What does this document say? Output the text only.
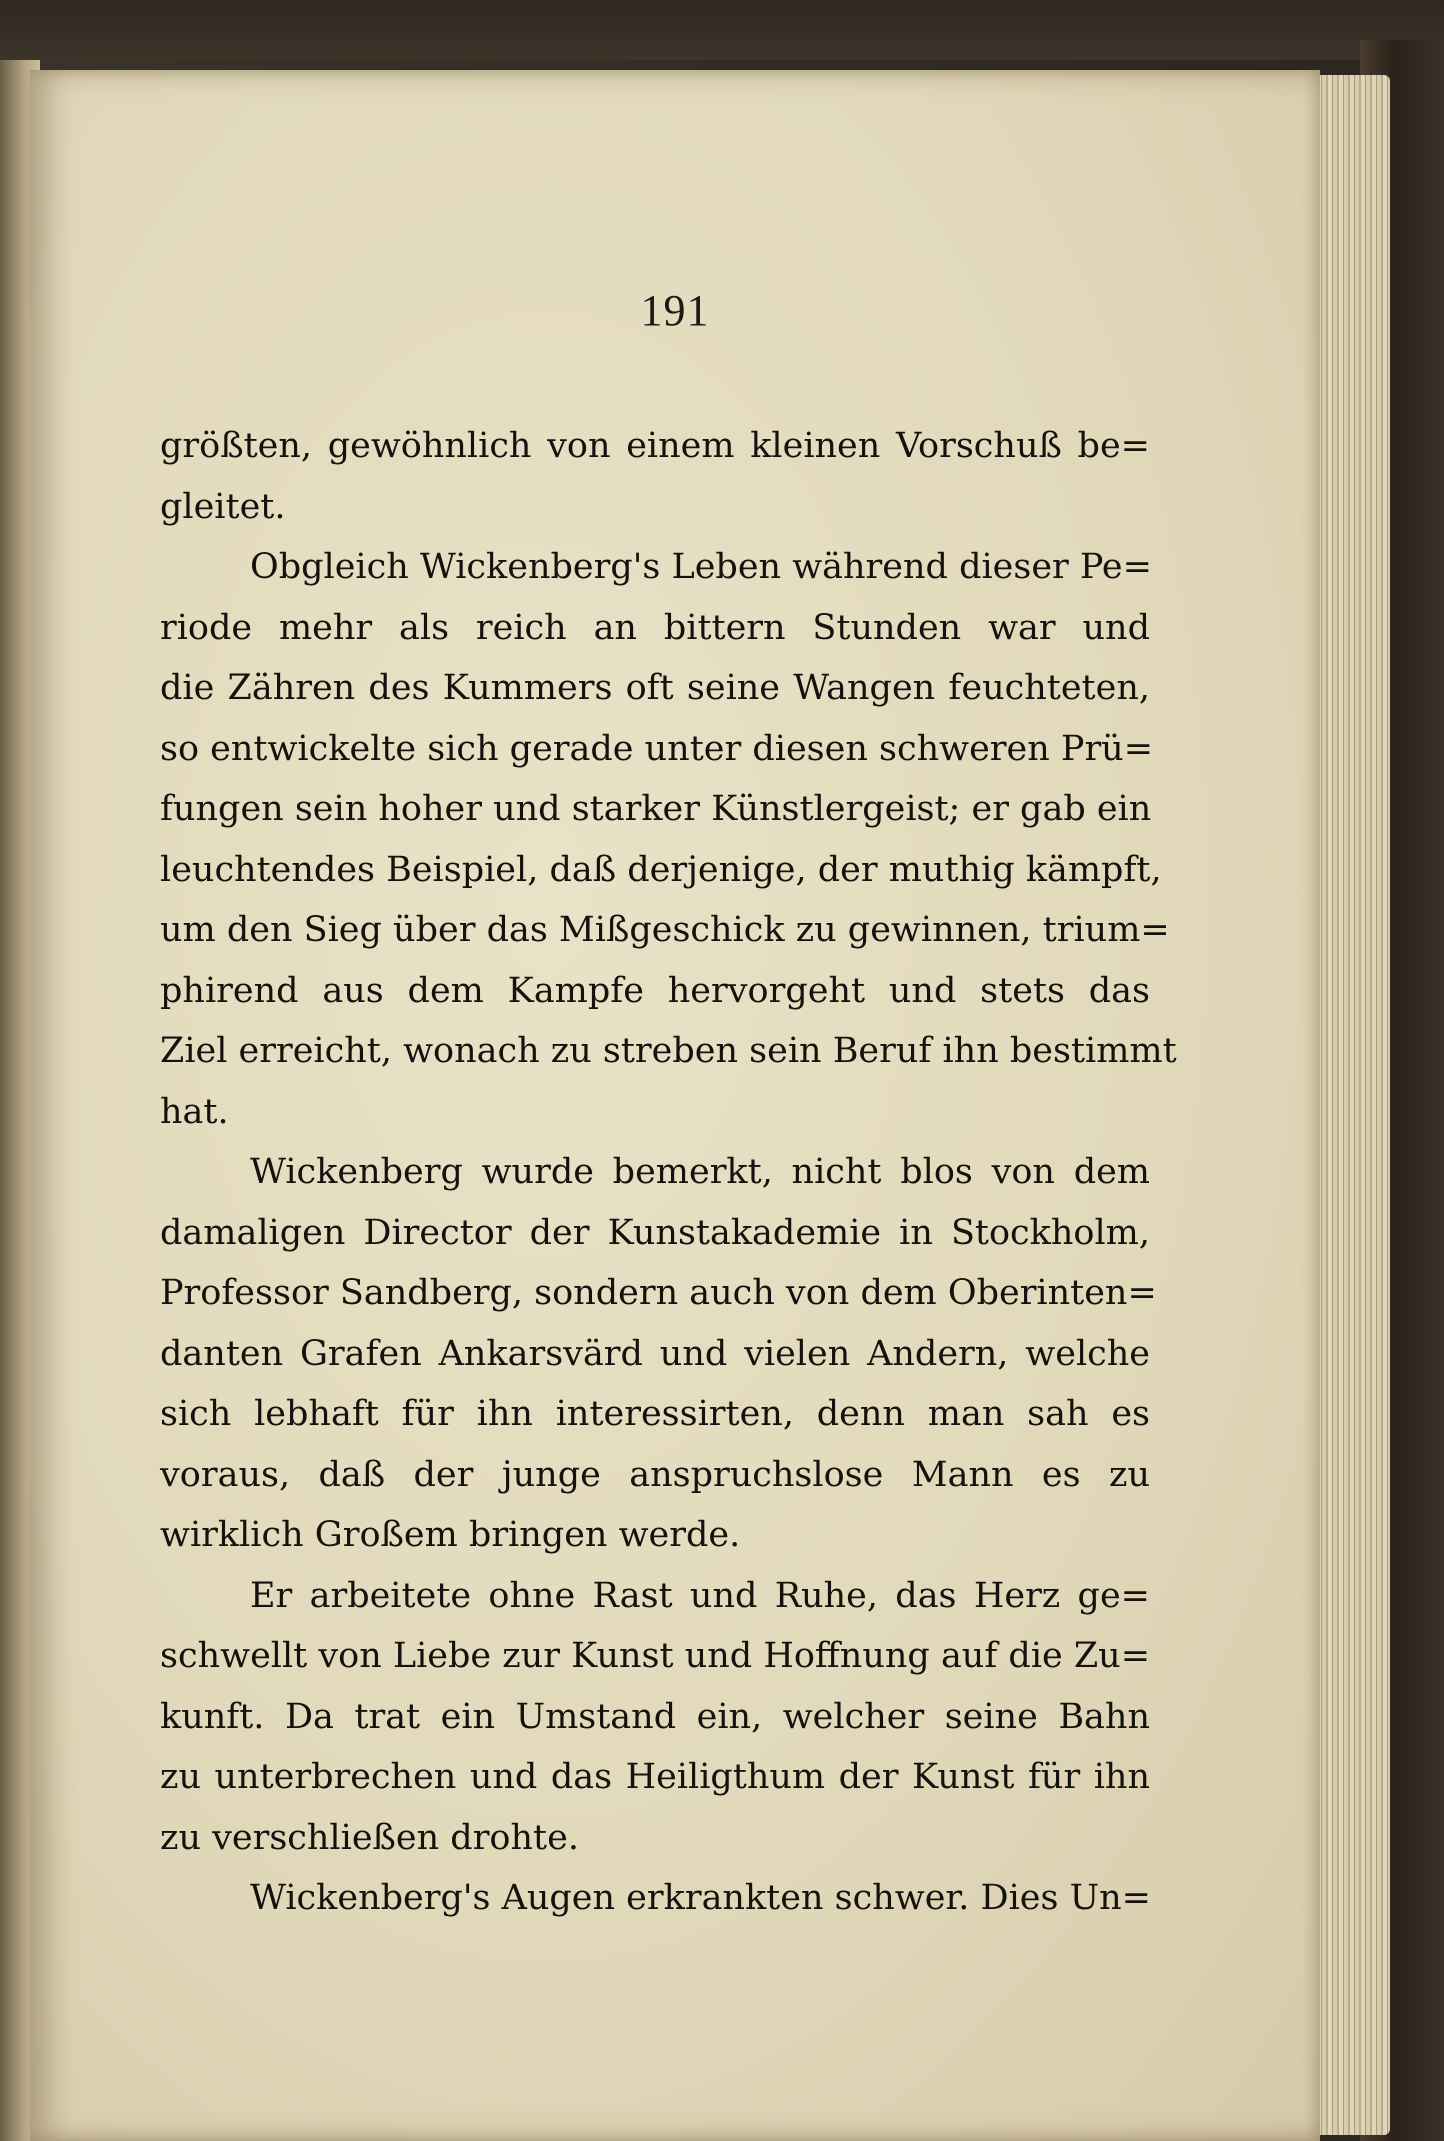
191

größten, gewöhnlich von einem kleinen Vorschuß be=
gleitet.

Obgleich Wickenberg's Leben während dieser Pe=
riode mehr als reich an bittern Stunden war und
die Zähren des Kummers oft seine Wangen feuchteten,
so entwickelte sich gerade unter diesen schweren Prü=
fungen sein hoher und starker Künstlergeist; er gab ein
leuchtendes Beispiel, daß derjenige, der muthig kämpft,
um den Sieg über das Mißgeschick zu gewinnen, trium=
phirend aus dem Kampfe hervorgeht und stets das
Ziel erreicht, wonach zu streben sein Beruf ihn bestimmt
hat.

Wickenberg wurde bemerkt, nicht blos von dem
damaligen Director der Kunstakademie in Stockholm,
Professor Sandberg, sondern auch von dem Oberinten=
danten Grafen Ankarsvärd und vielen Andern, welche
sich lebhaft für ihn interessirten, denn man sah es
voraus, daß der junge anspruchslose Mann es zu
wirklich Großem bringen werde.

Er arbeitete ohne Rast und Ruhe, das Herz ge=
schwellt von Liebe zur Kunst und Hoffnung auf die Zu=
kunft. Da trat ein Umstand ein, welcher seine Bahn
zu unterbrechen und das Heiligthum der Kunst für ihn
zu verschließen drohte.

Wickenberg's Augen erkrankten schwer. Dies Un=
